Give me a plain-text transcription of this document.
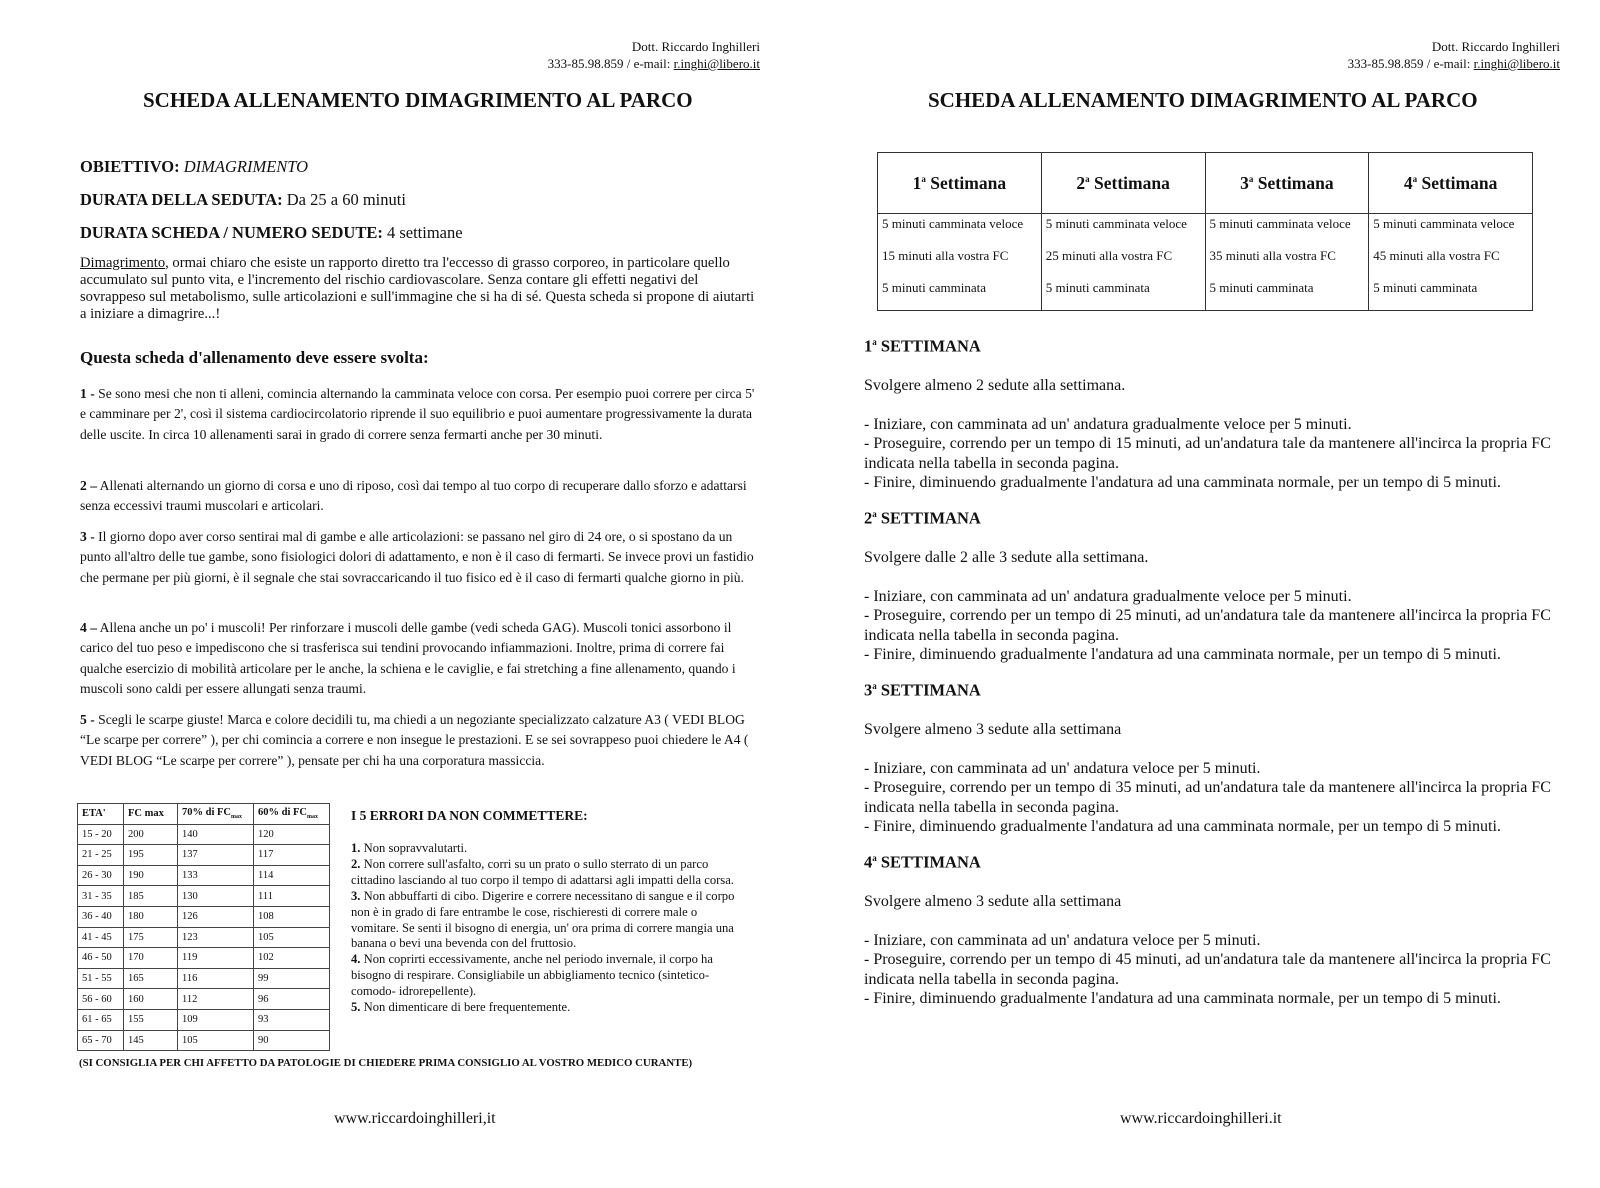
Dott. Riccardo Inghilleri
333-85.98.859 / e-mail: r.inghi@libero.it
SCHEDA ALLENAMENTO DIMAGRIMENTO AL PARCO
OBIETTIVO: DIMAGRIMENTO
DURATA DELLA SEDUTA: Da 25 a 60 minuti
DURATA SCHEDA / NUMERO SEDUTE: 4 settimane
Dimagrimento, ormai chiaro che esiste un rapporto diretto tra l'eccesso di grasso corporeo, in particolare quello accumulato sul punto vita, e l'incremento del rischio cardiovascolare. Senza contare gli effetti negativi del sovrappeso sul metabolismo, sulle articolazioni e sull'immagine che si ha di sé. Questa scheda si propone di aiutarti a iniziare a dimagrire...!
Questa scheda d'allenamento deve essere svolta:
1 - Se sono mesi che non ti alleni, comincia alternando la camminata veloce con corsa. Per esempio puoi correre per circa 5' e camminare per 2', così il sistema cardiocircolatorio riprende il suo equilibrio e puoi aumentare progressivamente la durata delle uscite. In circa 10 allenamenti sarai in grado di correre senza fermarti anche per 30 minuti.
2 – Allenati alternando un giorno di corsa e uno di riposo, così dai tempo al tuo corpo di recuperare dallo sforzo e adattarsi senza eccessivi traumi muscolari e articolari.
3 - Il giorno dopo aver corso sentirai mal di gambe e alle articolazioni: se passano nel giro di 24 ore, o si spostano da un punto all'altro delle tue gambe, sono fisiologici dolori di adattamento, e non è il caso di fermarti. Se invece provi un fastidio che permane per più giorni, è il segnale che stai sovraccaricando il tuo fisico ed è il caso di fermarti qualche giorno in più.
4 – Allena anche un po' i muscoli! Per rinforzare i muscoli delle gambe (vedi scheda GAG). Muscoli tonici assorbono il carico del tuo peso e impediscono che si trasferisca sui tendini provocando infiammazioni. Inoltre, prima di correre fai qualche esercizio di mobilità articolare per le anche, la schiena e le caviglie, e fai stretching a fine allenamento, quando i muscoli sono caldi per essere allungati senza traumi.
5 - Scegli le scarpe giuste! Marca e colore decidili tu, ma chiedi a un negoziante specializzato calzature A3 ( VEDI BLOG “Le scarpe per correre” ), per chi comincia a correre e non insegue le prestazioni. E se sei sovrappeso puoi chiedere le A4 ( VEDI BLOG “Le scarpe per correre” ), pensate per chi ha una corporatura massiccia.
ETA'	FC max	70% di $FC_{max}$	60% di $FC_{max}$
15 - 20	200	140	120
21 - 25	195	137	117
26 - 30	190	133	114
31 - 35	185	130	111
36 - 40	180	126	108
41 - 45	175	123	105
46 - 50	170	119	102
51 - 55	165	116	99
56 - 60	160	112	96
61 - 65	155	109	93
65 - 70	145	105	90
I 5 ERRORI DA NON COMMETTERE:
1. Non sopravvalutarti.
2. Non correre sull'asfalto, corri su un prato o sullo sterrato di un parco cittadino lasciando al tuo corpo il tempo di adattarsi agli impatti della corsa.
3. Non abbuffarti di cibo. Digerire e correre necessitano di sangue e il corpo non è in grado di fare entrambe le cose, rischieresti di correre male o vomitare. Se senti il bisogno di energia, un' ora prima di correre mangia una banana o bevi una bevenda con del fruttosio.
4. Non coprirti eccessivamente, anche nel periodo invernale, il corpo ha bisogno di respirare. Consigliabile un abbigliamento tecnico (sintetico-comodo- idrorepellente).
5. Non dimenticare di bere frequentemente.
(SI CONSIGLIA PER CHI AFFETTO DA PATOLOGIE DI CHIEDERE PRIMA CONSIGLIO AL VOSTRO MEDICO CURANTE)
www.riccardoinghilleri,it
Dott. Riccardo Inghilleri
333-85.98.859 / e-mail: r.inghi@libero.it
SCHEDA ALLENAMENTO DIMAGRIMENTO AL PARCO
1$^a$ Settimana	2$^a$ Settimana	3$^a$ Settimana	4$^a$ Settimana
5 minuti camminata veloce	5 minuti camminata veloce	5 minuti camminata veloce	5 minuti camminata veloce
15 minuti alla vostra FC	25 minuti alla vostra FC	35 minuti alla vostra FC	45 minuti alla vostra FC
5 minuti camminata	5 minuti camminata	5 minuti camminata	5 minuti camminata
1$^a$ SETTIMANA

Svolgere almeno 2 sedute alla settimana.

- Iniziare, con camminata ad un' andatura gradualmente veloce per 5 minuti.

- Proseguire, correndo per un tempo di 15 minuti, ad un'andatura tale da mantenere all'incirca la propria FC indicata nella tabella in seconda pagina.

- Finire, diminuendo gradualmente l'andatura ad una camminata normale, per un tempo di 5 minuti.

2$^a$ SETTIMANA

Svolgere dalle 2 alle 3 sedute alla settimana.

- Iniziare, con camminata ad un' andatura gradualmente veloce per 5 minuti.

- Proseguire, correndo per un tempo di 25 minuti, ad un'andatura tale da mantenere all'incirca la propria FC indicata nella tabella in seconda pagina.

- Finire, diminuendo gradualmente l'andatura ad una camminata normale, per un tempo di 5 minuti.

3$^a$ SETTIMANA

Svolgere almeno 3 sedute alla settimana

- Iniziare, con camminata ad un' andatura veloce per 5 minuti.

- Proseguire, correndo per un tempo di 35 minuti, ad un'andatura tale da mantenere all'incirca la propria FC indicata nella tabella in seconda pagina.

- Finire, diminuendo gradualmente l'andatura ad una camminata normale, per un tempo di 5 minuti.

4$^a$ SETTIMANA

Svolgere almeno 3 sedute alla settimana

- Iniziare, con camminata ad un' andatura veloce per 5 minuti.

- Proseguire, correndo per un tempo di 45 minuti, ad un'andatura tale da mantenere all'incirca la propria FC indicata nella tabella in seconda pagina.

- Finire, diminuendo gradualmente l'andatura ad una camminata normale, per un tempo di 5 minuti.

www.riccardoinghilleri.it
